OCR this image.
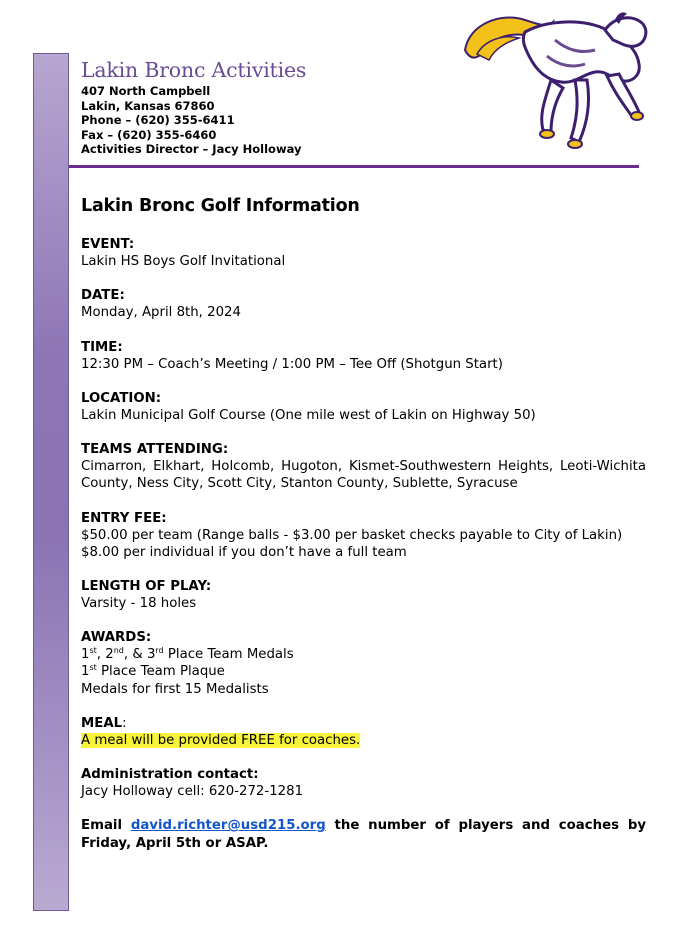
Lakin Bronc Activities
407 North Campbell
Lakin, Kansas 67860
Phone – (620) 355-6411
Fax – (620) 355-6460
Activities Director – Jacy Holloway
Lakin Bronc Golf Information
EVENT:
Lakin HS Boys Golf Invitational
DATE:
Monday, April 8th, 2024
TIME:
12:30 PM – Coach’s Meeting / 1:00 PM – Tee Off (Shotgun Start)
LOCATION:
Lakin Municipal Golf Course (One mile west of Lakin on Highway 50)
TEAMS ATTENDING:
Cimarron, Elkhart, Holcomb, Hugoton, Kismet-Southwestern Heights, Leoti-Wichita County, Ness City, Scott City, Stanton County, Sublette, Syracuse
ENTRY FEE:
$50.00 per team (Range balls - $3.00 per basket checks payable to City of Lakin)
$8.00 per individual if you don’t have a full team
LENGTH OF PLAY:
Varsity - 18 holes
AWARDS:
1st, 2nd, & 3rd Place Team Medals
1st Place Team Plaque
Medals for first 15 Medalists
MEAL:
A meal will be provided FREE for coaches.
Administration contact:
Jacy Holloway cell: 620-272-1281
Email david.richter@usd215.org the number of players and coaches by Friday, April 5th or ASAP.
